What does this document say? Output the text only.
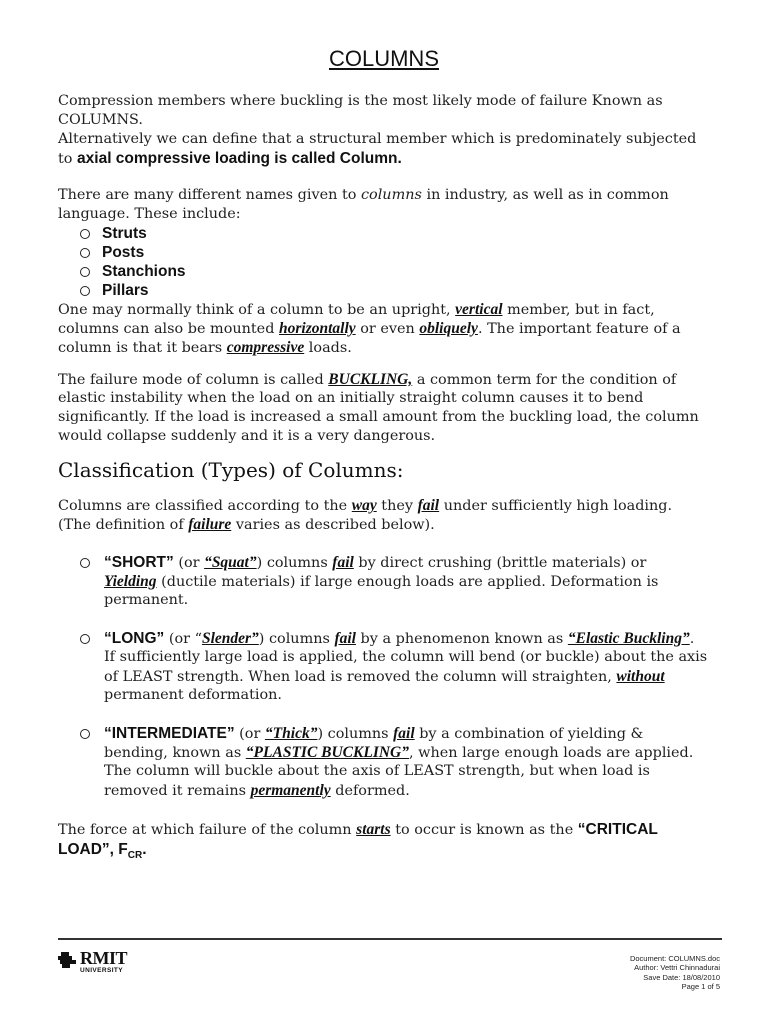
COLUMNS
Compression members where buckling is the most likely mode of failure Known as
COLUMNS.
Alternatively we can define that a structural member which is predominately subjected
to axial compressive loading is called Column.
There are many different names given to columns in industry, as well as in common
language. These include:
Struts
Posts
Stanchions
Pillars
One may normally think of a column to be an upright, vertical member, but in fact,
columns can also be mounted horizontally or even obliquely. The important feature of a
column is that it bears compressive loads.
The failure mode of column is called BUCKLING, a common term for the condition of
elastic instability when the load on an initially straight column causes it to bend
significantly. If the load is increased a small amount from the buckling load, the column
would collapse suddenly and it is a very dangerous.
Classification (Types) of Columns:
Columns are classified according to the way they fail under sufficiently high loading.
(The definition of failure varies as described below).
“SHORT” (or “Squat”) columns fail by direct crushing (brittle materials) or
Yielding (ductile materials) if large enough loads are applied. Deformation is
permanent.
“LONG” (or “Slender”) columns fail by a phenomenon known as “Elastic Buckling”.
If sufficiently large load is applied, the column will bend (or buckle) about the axis
of LEAST strength. When load is removed the column will straighten, without
permanent deformation.
“INTERMEDIATE” (or “Thick”) columns fail by a combination of yielding &
bending, known as “PLASTIC BUCKLING”, when large enough loads are applied.
The column will buckle about the axis of LEAST strength, but when load is
removed it remains permanently deformed.
The force at which failure of the column starts to occur is known as the “CRITICAL
LOAD”, $F_{CR}$.
RMIT
UNIVERSITY
Document: COLUMNS.doc
Author: Vettri Chinnadurai
Save Date: 18/08/2010
Page 1 of 5
